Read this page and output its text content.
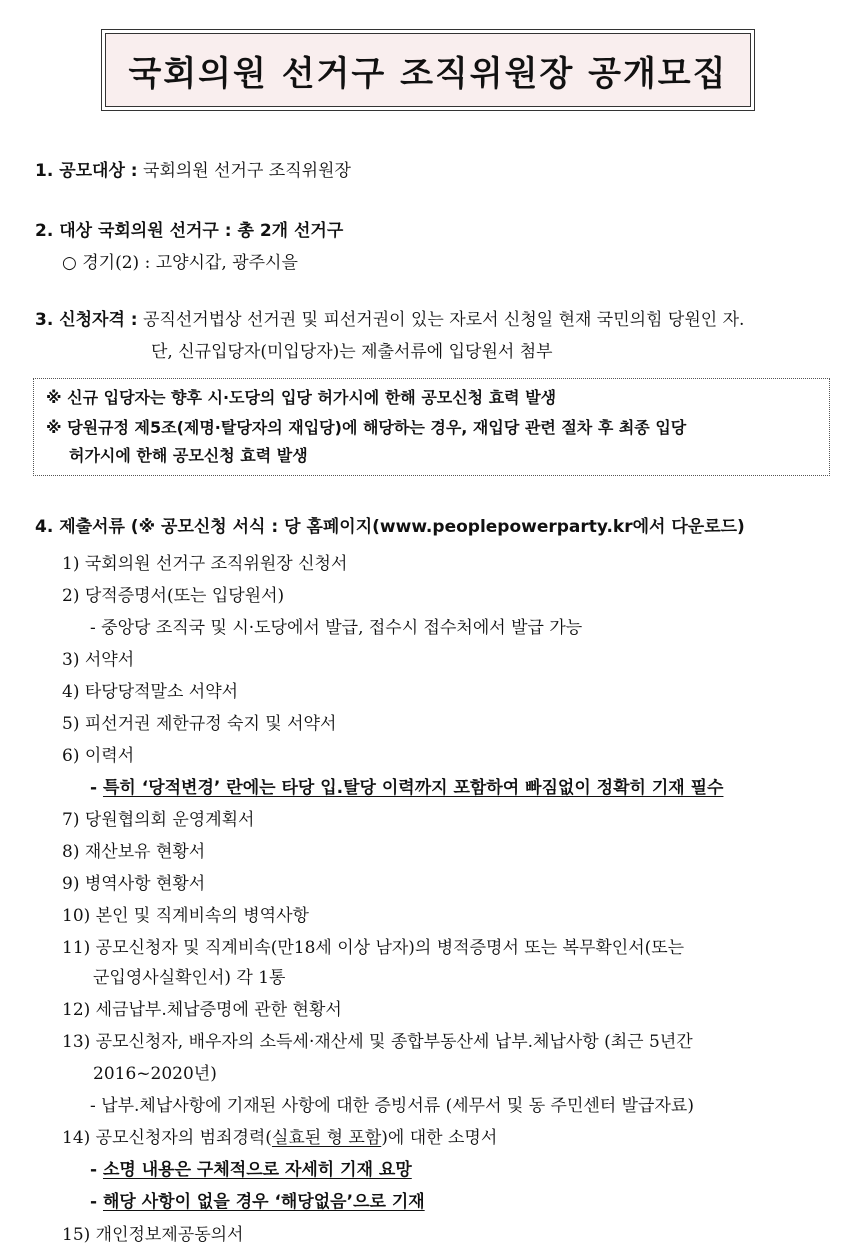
국회의원 선거구 조직위원장 공개모집
1. 공모대상 : 국회의원 선거구 조직위원장
2. 대상 국회의원 선거구 : 총 2개 선거구
○ 경기(2) : 고양시갑, 광주시을
3. 신청자격 : 공직선거법상 선거권 및 피선거권이 있는 자로서 신청일 현재 국민의힘 당원인 자.
단, 신규입당자(미입당자)는 제출서류에 입당원서 첨부
※ 신규 입당자는 향후 시·도당의 입당 허가시에 한해 공모신청 효력 발생
※ 당원규정 제5조(제명·탈당자의 재입당)에 해당하는 경우, 재입당 관련 절차 후 최종 입당
허가시에 한해 공모신청 효력 발생
4. 제출서류 (※ 공모신청 서식 : 당 홈페이지(www.peoplepowerparty.kr에서 다운로드)
1) 국회의원 선거구 조직위원장 신청서
2) 당적증명서(또는 입당원서)
- 중앙당 조직국 및 시·도당에서 발급, 접수시 접수처에서 발급 가능
3) 서약서
4) 타당당적말소 서약서
5) 피선거권 제한규정 숙지 및 서약서
6) 이력서
- 특히 ‘당적변경’ 란에는 타당 입.탈당 이력까지 포함하여 빠짐없이 정확히 기재 필수
7) 당원협의회 운영계획서
8) 재산보유 현황서
9) 병역사항 현황서
10) 본인 및 직계비속의 병역사항
11) 공모신청자 및 직계비속(만18세 이상 남자)의 병적증명서 또는 복무확인서(또는
군입영사실확인서) 각 1통
12) 세금납부.체납증명에 관한 현황서
13) 공모신청자, 배우자의 소득세·재산세 및 종합부동산세 납부.체납사항 (최근 5년간
2016~2020년)
- 납부.체납사항에 기재된 사항에 대한 증빙서류 (세무서 및 동 주민센터 발급자료)
14) 공모신청자의 범죄경력(실효된 형 포함)에 대한 소명서
- 소명 내용은 구체적으로 자세히 기재 요망
- 해당 사항이 없을 경우 ‘해당없음’으로 기재
15) 개인정보제공동의서
